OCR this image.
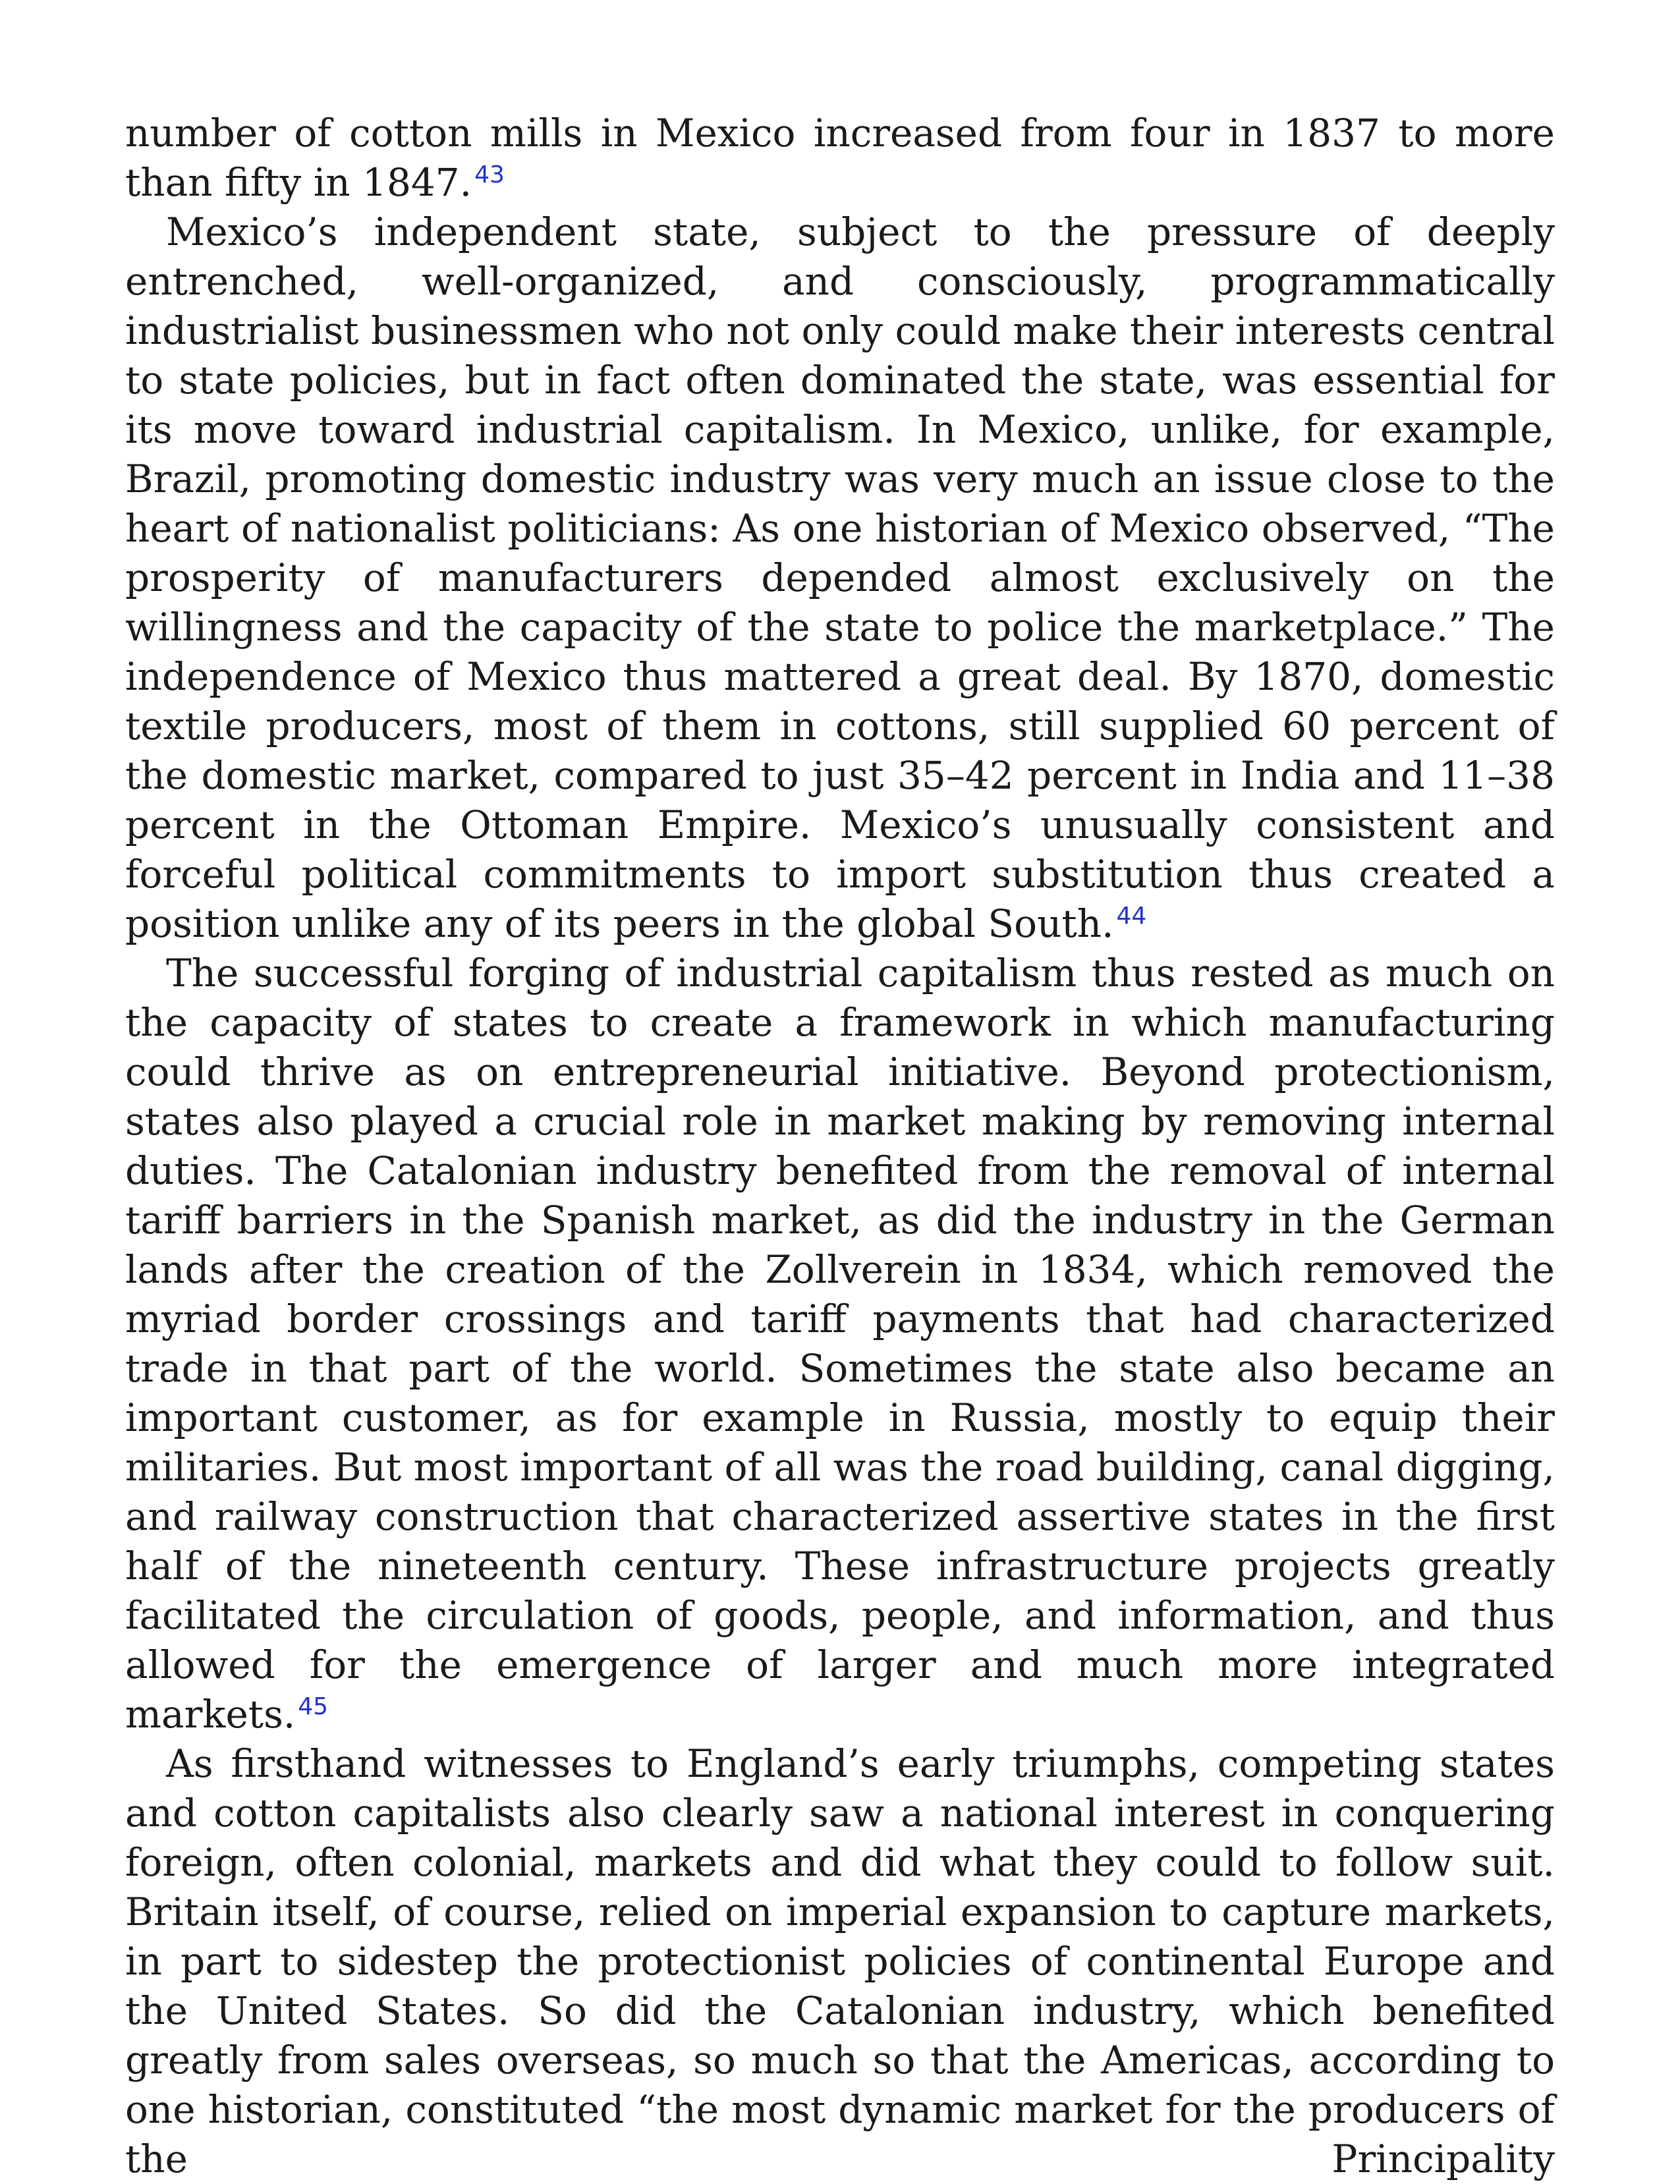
number of cotton mills in Mexico increased from four in 1837 to more than fifty in 1847. $^{43}$

Mexico’s independent state, subject to the pressure of deeply entrenched, well-organized, and consciously, programmatically industrialist businessmen who not only could make their interests central to state policies, but in fact often dominated the state, was essential for its move toward industrial capitalism. In Mexico, unlike, for example, Brazil, promoting domestic industry was very much an issue close to the heart of nationalist politicians: As one historian of Mexico observed, “The prosperity of manufacturers depended almost exclusively on the willingness and the capacity of the state to police the marketplace.” The independence of Mexico thus mattered a great deal. By 1870, domestic textile producers, most of them in cottons, still supplied 60 percent of the domestic market, compared to just 35–42 percent in India and 11–38 percent in the Ottoman Empire. Mexico’s unusually consistent and forceful political commitments to import substitution thus created a position unlike any of its peers in the global South. $^{44}$

The successful forging of industrial capitalism thus rested as much on the capacity of states to create a framework in which manufacturing could thrive as on entrepreneurial initiative. Beyond protectionism, states also played a crucial role in market making by removing internal duties. The Catalonian industry benefited from the removal of internal tariff barriers in the Spanish market, as did the industry in the German lands after the creation of the Zollverein in 1834, which removed the myriad border crossings and tariff payments that had characterized trade in that part of the world. Sometimes the state also became an important customer, as for example in Russia, mostly to equip their militaries. But most important of all was the road building, canal digging, and railway construction that characterized assertive states in the first half of the nineteenth century. These infrastructure projects greatly facilitated the circulation of goods, people, and information, and thus allowed for the emergence of larger and much more integrated markets. $^{45}$

As firsthand witnesses to England’s early triumphs, competing states and cotton capitalists also clearly saw a national interest in conquering foreign, often colonial, markets and did what they could to follow suit. Britain itself, of course, relied on imperial expansion to capture markets, in part to sidestep the protectionist policies of continental Europe and the United States. So did the Catalonian industry, which benefited greatly from sales overseas, so much so that the Americas, according to one historian, constituted “the most dynamic market for the producers of the Principality
